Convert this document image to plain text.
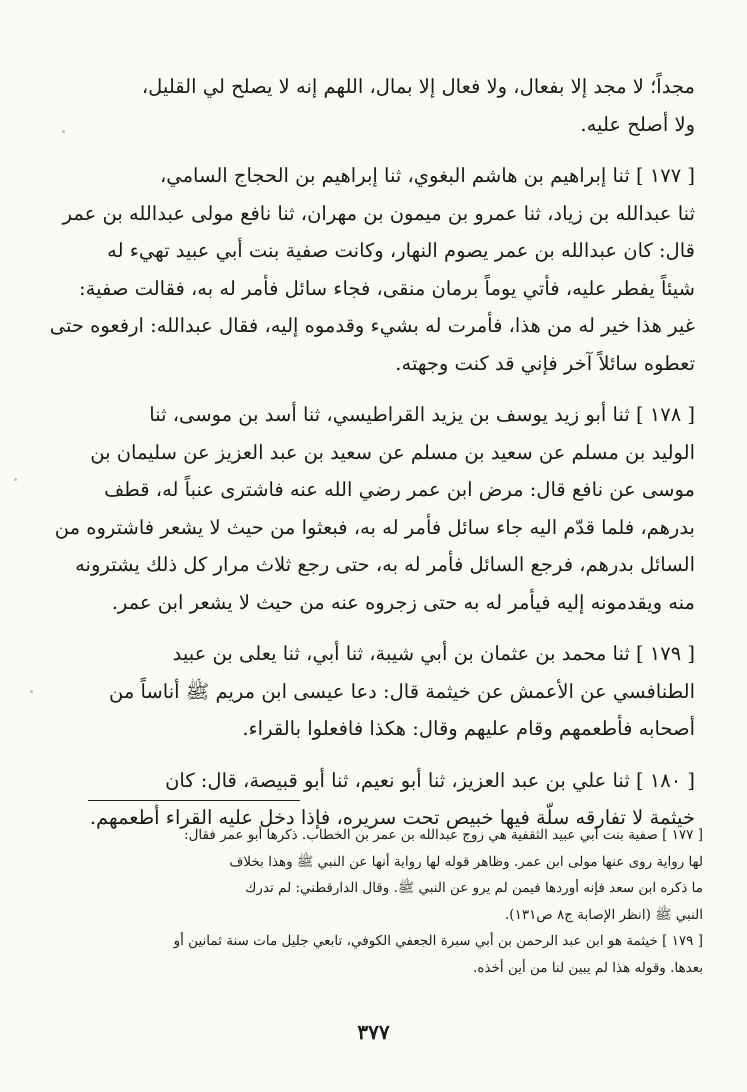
مجداً؛ لا مجد إلا بفعال، ولا فعال إلا بمال، اللهم إنه لا يصلح لي القليل،
ولا أصلح عليه.
[ ١٧٧ ] ثنا إبراهيم بن هاشم البغوي، ثنا إبراهيم بن الحجاج السامي،
ثنا عبدالله بن زياد، ثنا عمرو بن ميمون بن مهران، ثنا نافع مولى عبدالله بن عمر
قال: كان عبدالله بن عمر يصوم النهار، وكانت صفية بنت أبي عبيد تهيء له
شيئاً يفطر عليه، فأتي يوماً برمان منقى، فجاء سائل فأمر له به، فقالت صفية:
غير هذا خير له من هذا، فأمرت له بشيء وقدموه إليه، فقال عبدالله: ارفعوه حتى
تعطوه سائلاً آخر فإني قد كنت وجهته.
[ ١٧٨ ] ثنا أبو زيد يوسف بن يزيد القراطيسي، ثنا أسد بن موسى، ثنا
الوليد بن مسلم عن سعيد بن مسلم عن سعيد بن عبد العزيز عن سليمان بن
موسى عن نافع قال: مرض ابن عمر رضي الله عنه فاشترى عنباً له، قطف
بدرهم، فلما قدّم اليه جاء سائل فأمر له به، فبعثوا من حيث لا يشعر فاشتروه من
السائل بدرهم، فرجع السائل فأمر له به، حتى رجع ثلاث مرار كل ذلك يشترونه
منه ويقدمونه إليه فيأمر له به حتى زجروه عنه من حيث لا يشعر ابن عمر.
[ ١٧٩ ] ثنا محمد بن عثمان بن أبي شيبة، ثنا أبي، ثنا يعلى بن عبيد
الطنافسي عن الأعمش عن خيثمة قال: دعا عيسى ابن مريم ﷺ أناساً من
أصحابه فأطعمهم وقام عليهم وقال: هكذا فافعلوا بالقراء.
[ ١٨٠ ] ثنا علي بن عبد العزيز، ثنا أبو نعيم، ثنا أبو قبيصة، قال: كان
خيثمة لا تفارقه سلّة فيها خبيص تحت سريره، فإذا دخل عليه القراء أطعمهم.
[ ١٧٧ ] صفية بنت أبي عبيد الثقفية هي زوج عبدالله بن عمر بن الخطاب. ذكرها أبو عمر فقال:
لها رواية روى عنها مولى ابن عمر. وظاهر قوله لها رواية أنها عن النبي ﷺ وهذا بخلاف
ما ذكره ابن سعد فإنه أوردها فيمن لم يرو عن النبي ﷺ. وقال الدارقطني: لم تدرك
النبي ﷺ (انظر الإصابة ج٨ ص١٣١).
[ ١٧٩ ] خيثمة هو ابن عبد الرحمن بن أبي سبرة الجعفي الكوفي، تابعي جليل مات سنة ثمانين أو
بعدها. وقوله هذا لم يبين لنا من أين أخذه.
٣٧٧
